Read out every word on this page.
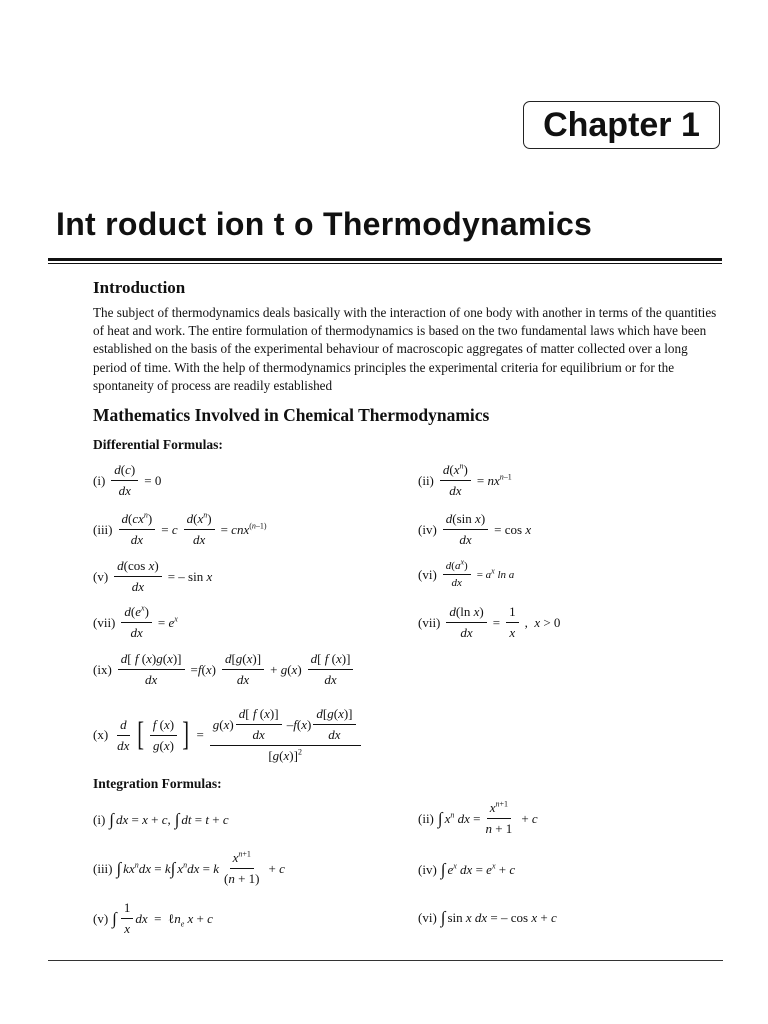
Chapter 1
Int roduct ion t o Thermodynamics
Introduction

The subject of thermodynamics deals basically with the interaction of one body with another in terms of the quantities of heat and work. The entire formulation of thermodynamics is based on the two fundamental laws which have been established on the basis of the experimental behaviour of macroscopic aggregates of matter collected over a long period of time. With the help of thermodynamics principles the experimental criteria for equilibrium or for the spontaneity of process are readily established

Mathematics Involved in Chemical Thermodynamics
Differential Formulas:
$(i) \frac{d(c)}{dx} = 0$	$(ii) \frac{d(x^n)}{dx} = nx^{n-1}$
$(iii) \frac{d(cx^n)}{dx} = c \frac{d(x^n)}{dx} = cnx^{(n-1)}$	$(iv) \frac{\text{d(sin x)}}{dx} = \cos x$
$(v) \frac{\text{d(cos x)}}{dx}$ = – sin x	$(vi) \frac{d(a^x)}{dx} = a^x$ ln a
$(vii) \frac{d(e^x)}{dx} = e^x$	$(vii) \frac{\text{d(ln x)}}{dx} = \frac{1}{x}$ ,  x > 0
$(ix) \frac{d[ f (x)g(x)]}{dx} =f(x) \frac{d[g(x)]}{dx} + g(x) \frac{d[ f (x)]}{dx}$
$(x) \frac{d}{dx}$ [ $\frac{f (x)}{g(x)}$ ] = $\frac{g ( x ) \frac{d[ f (x)]}{dx} - f ( x ) \frac{d[g(x)]}{dx}}{[g(x)]^2}$
Integration Formulas:
(i) ∫ dx = x + c, ∫ dt = t + c	(ii) ∫ $x^n$ dx = $\frac{x^{n+1}}{n + 1} + c$
(iii) ∫ $kx^ndx = k$ ∫ $x^ndx = k \frac{x^{n+1}}{(n + 1)} + c$	(iv) ∫ $e^x$ dx = $e^x + c$
(v) ∫ $\frac{1}{x}$ dx  =  ℓn$_e$ x + c	(vi) ∫ sin x dx = – cos x + c
